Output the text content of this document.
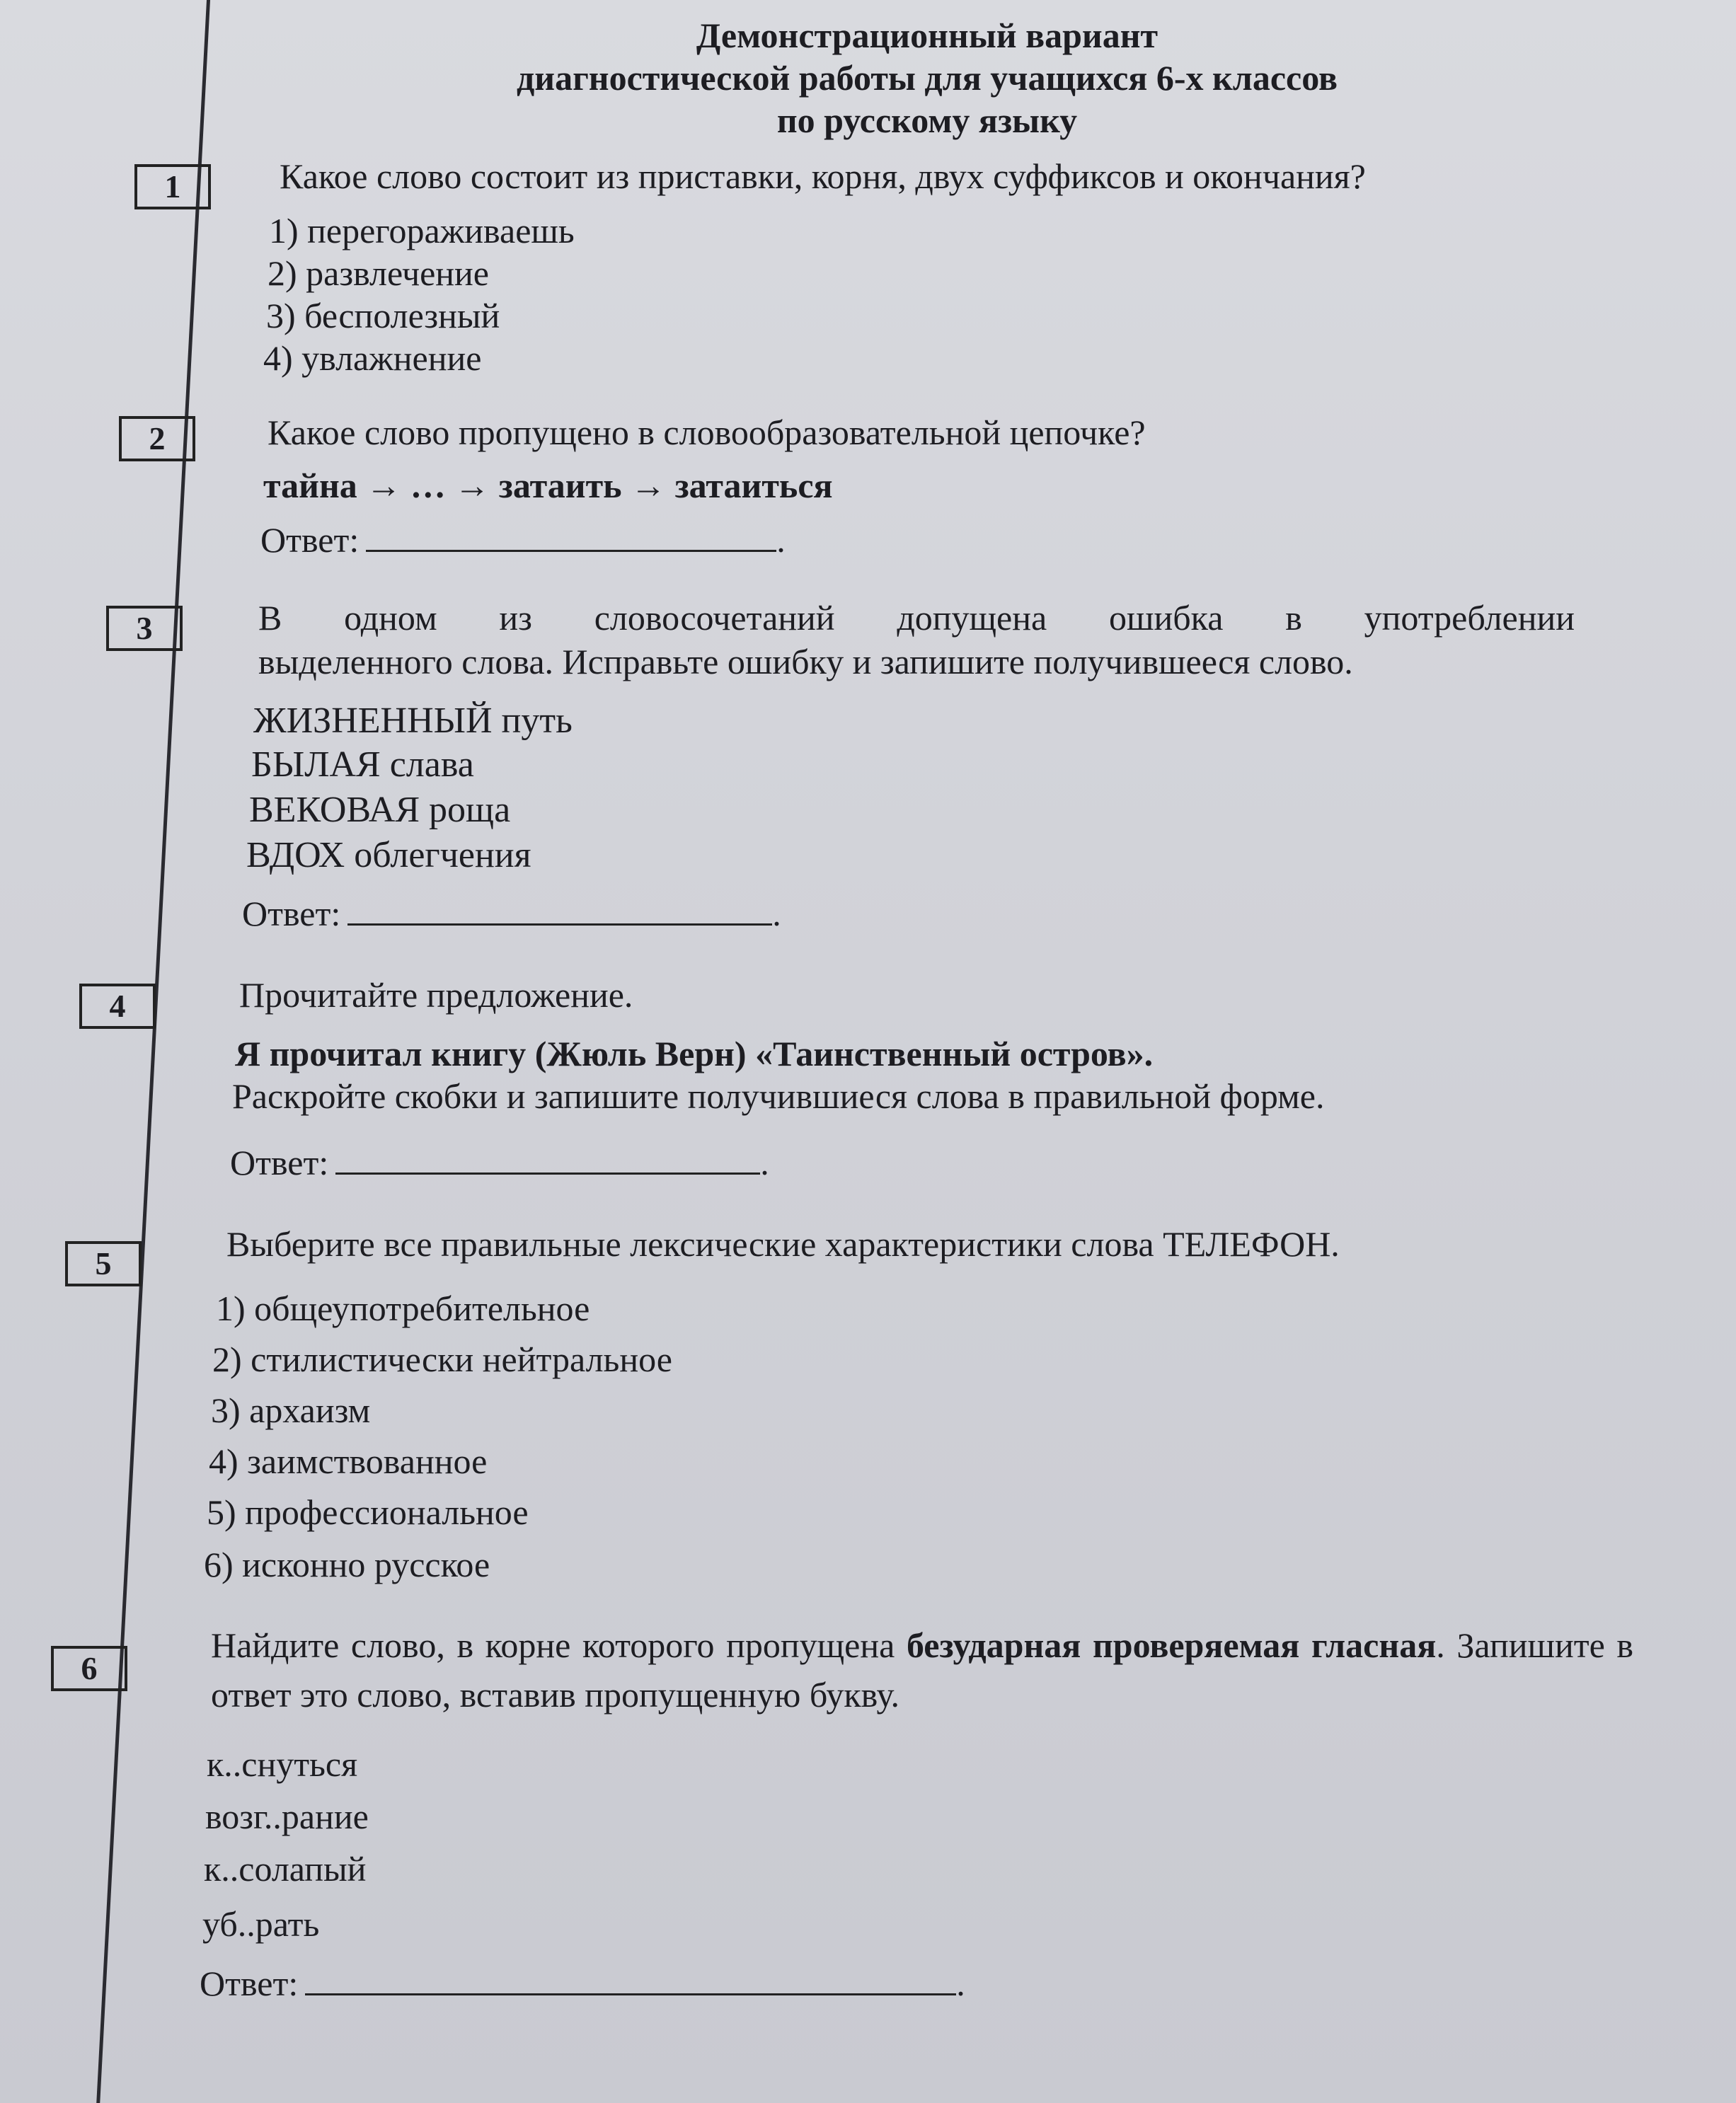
Демонстрационный вариант
диагностической работы для учащихся 6-х классов
по русскому языку
1	Какое слово состоит из приставки, корня, двух суффиксов и окончания?
1) перегораживаешь
2) развлечение
3) бесполезный
4) увлажнение
2	Какое слово пропущено в словообразовательной цепочке?
тайна → … → затаить → затаиться
Ответ:	.
3	В одном из словосочетаний допущена ошибка в употреблении
выделенного слова. Исправьте ошибку и запишите получившееся слово.
ЖИЗНЕННЫЙ путь
БЫЛАЯ слава
ВЕКОВАЯ роща
ВДОХ облегчения
Ответ:	.
4	Прочитайте предложение.
Я прочитал книгу (Жюль Верн) «Таинственный остров».
Раскройте скобки и запишите получившиеся слова в правильной форме.
Ответ:	.
5	Выберите все правильные лексические характеристики слова ТЕЛЕФОН.
1) общеупотребительное
2) стилистически нейтральное
3) архаизм
4) заимствованное
5) профессиональное
6) исконно русское
6
Найдите слово, в корне которого пропущена безударная проверяемая гласная. Запишите в ответ это слово, вставив пропущенную букву.
к..снуться
возг..рание
к..солапый
уб..рать
Ответ:	.
